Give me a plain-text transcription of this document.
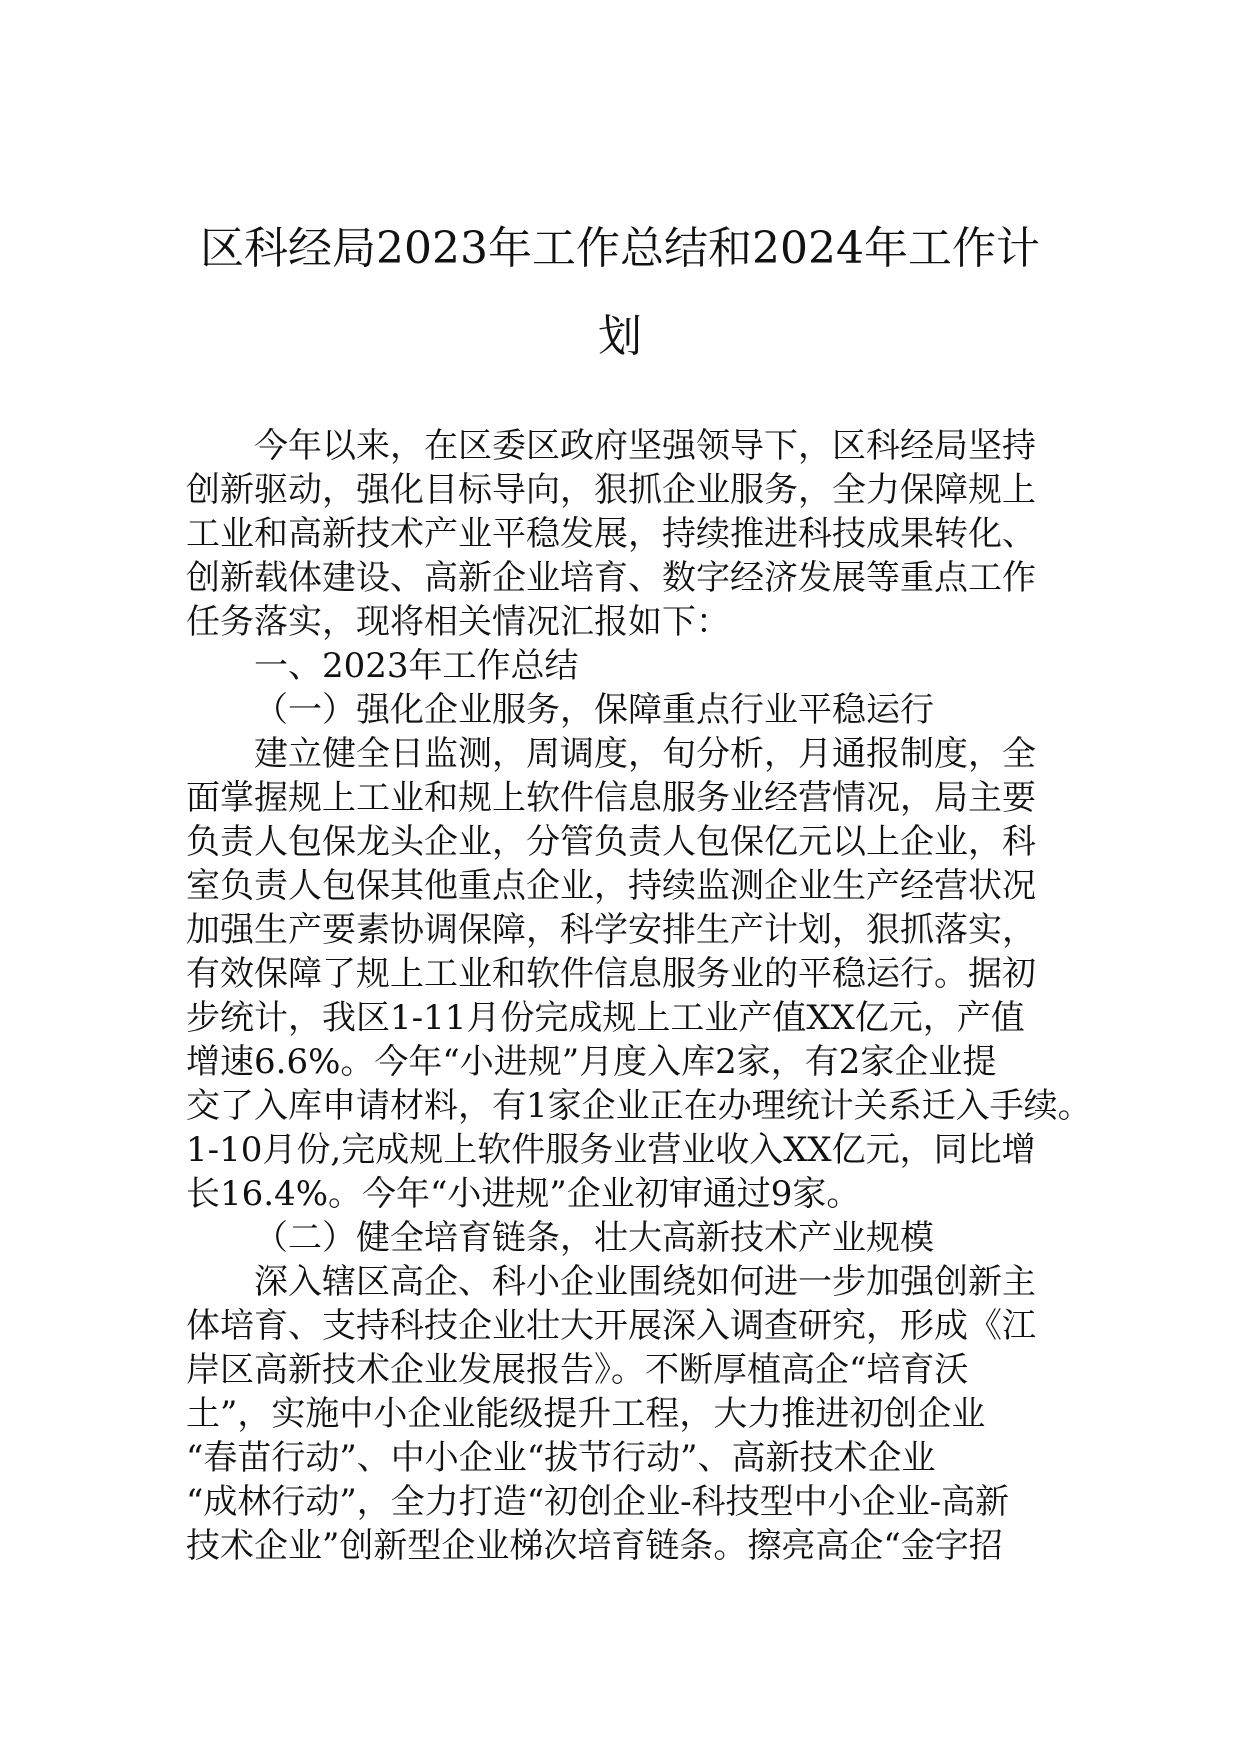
区科经局2023年工作总结和2024年工作计
划
今年以来，在区委区政府坚强领导下，区科经局坚持
创新驱动，强化目标导向，狠抓企业服务，全力保障规上
工业和高新技术产业平稳发展，持续推进科技成果转化、
创新载体建设、高新企业培育、数字经济发展等重点工作
任务落实，现将相关情况汇报如下：
一、2023年工作总结
（一）强化企业服务，保障重点行业平稳运行
建立健全日监测，周调度，旬分析，月通报制度，全
面掌握规上工业和规上软件信息服务业经营情况，局主要
负责人包保龙头企业，分管负责人包保亿元以上企业，科
室负责人包保其他重点企业，持续监测企业生产经营状况
加强生产要素协调保障，科学安排生产计划，狠抓落实，
有效保障了规上工业和软件信息服务业的平稳运行。据初
步统计，我区1-11月份完成规上工业产值XX亿元，产值
增速6.6%。今年“小进规”月度入库2家，有2家企业提
交了入库申请材料，有1家企业正在办理统计关系迁入手续。
1-10月份,完成规上软件服务业营业收入XX亿元，同比增
长16.4%。今年“小进规”企业初审通过9家。
（二）健全培育链条，壮大高新技术产业规模
深入辖区高企、科小企业围绕如何进一步加强创新主
体培育、支持科技企业壮大开展深入调查研究，形成《江
岸区高新技术企业发展报告》。不断厚植高企“培育沃
土”，实施中小企业能级提升工程，大力推进初创企业
“春苗行动”、中小企业“拔节行动”、高新技术企业
“成林行动”，全力打造“初创企业-科技型中小企业-高新
技术企业”创新型企业梯次培育链条。擦亮高企“金字招
